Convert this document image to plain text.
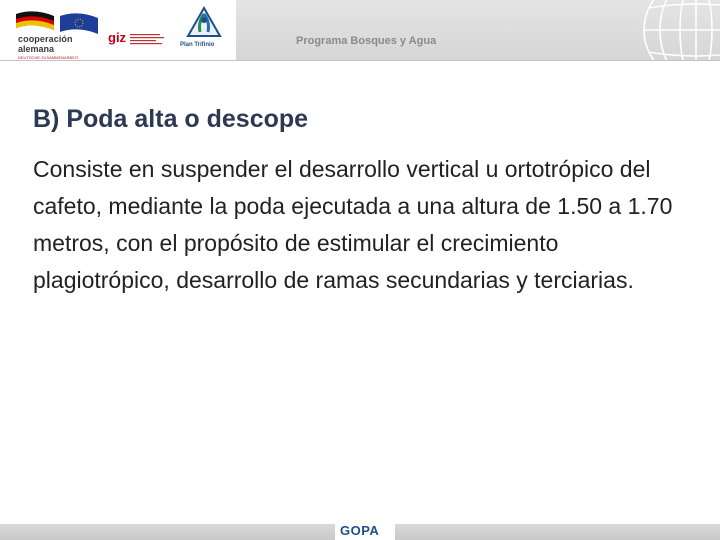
cooperación
alemana
DEUTSCHE ZUSAMMENARBEIT
giz	Plan Trifinio	Programa Bosques y Agua
B) Poda alta o descope

Consiste en suspender el desarrollo vertical u ortotrópico del cafeto, mediante la poda ejecutada a una altura de 1.50 a 1.70 metros, con el propósito de estimular el crecimiento plagiotrópico, desarrollo de ramas secundarias y terciarias.

GOPA
